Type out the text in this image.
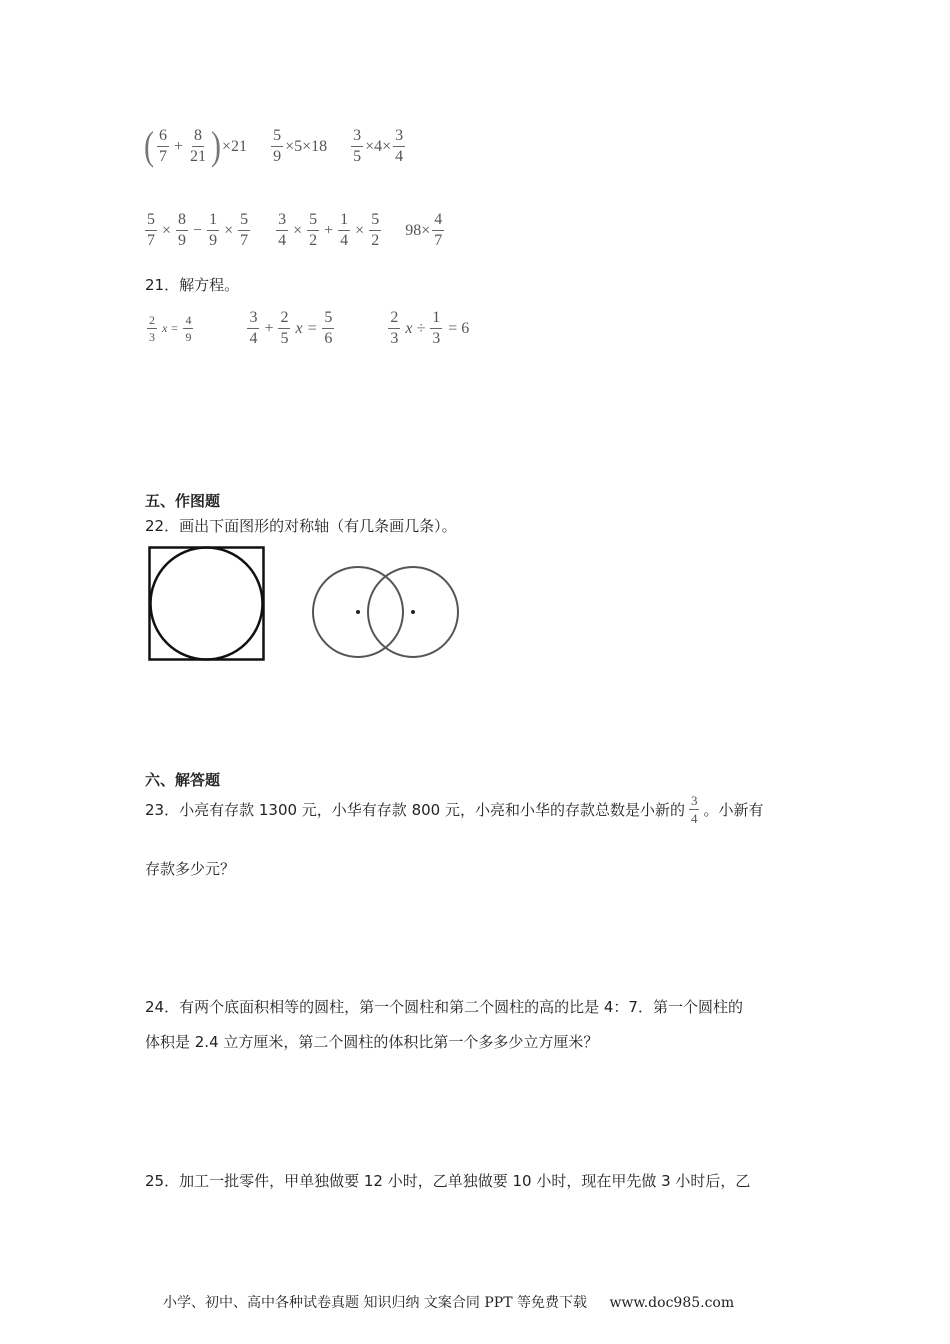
( $\frac{6}{7} + \frac{8}{21}$ ) $\times 21 \frac{5}{9} \times 5\times 18 \frac{3}{5} \times 4\times \frac{3}{4}$
$\frac{5}{7} \times \frac{8}{9} - \frac{1}{9} \times \frac{5}{7} \frac{3}{4} \times \frac{5}{2} + \frac{1}{4} \times \frac{5}{2} 98\times \frac{4}{7}$
21．解方程。
$\frac{2}{3}$ $x = \frac{4}{9}$	$\frac{3}{4} + \frac{2}{5}$ $x = \frac{5}{6}$	$\frac{2}{3}$ $x \div \frac{1}{3} = 6$
五、作图题
22．画出下面图形的对称轴（有几条画几条）。
六、解答题
23．小亮有存款 1300 元，小华有存款 800 元，小亮和小华的存款总数是小新的 $\frac{3}{4}$ 。小新有
存款多少元？
24．有两个底面积相等的圆柱，第一个圆柱和第二个圆柱的高的比是 4：7．第一个圆柱的
体积是 2.4 立方厘米，第二个圆柱的体积比第一个多多少立方厘米？
25．加工一批零件，甲单独做要 12 小时，乙单独做要 10 小时，现在甲先做 3 小时后，乙
小学、初中、高中各种试卷真题 知识归纳 文案合同 PPT 等免费下载 www.doc985.com
